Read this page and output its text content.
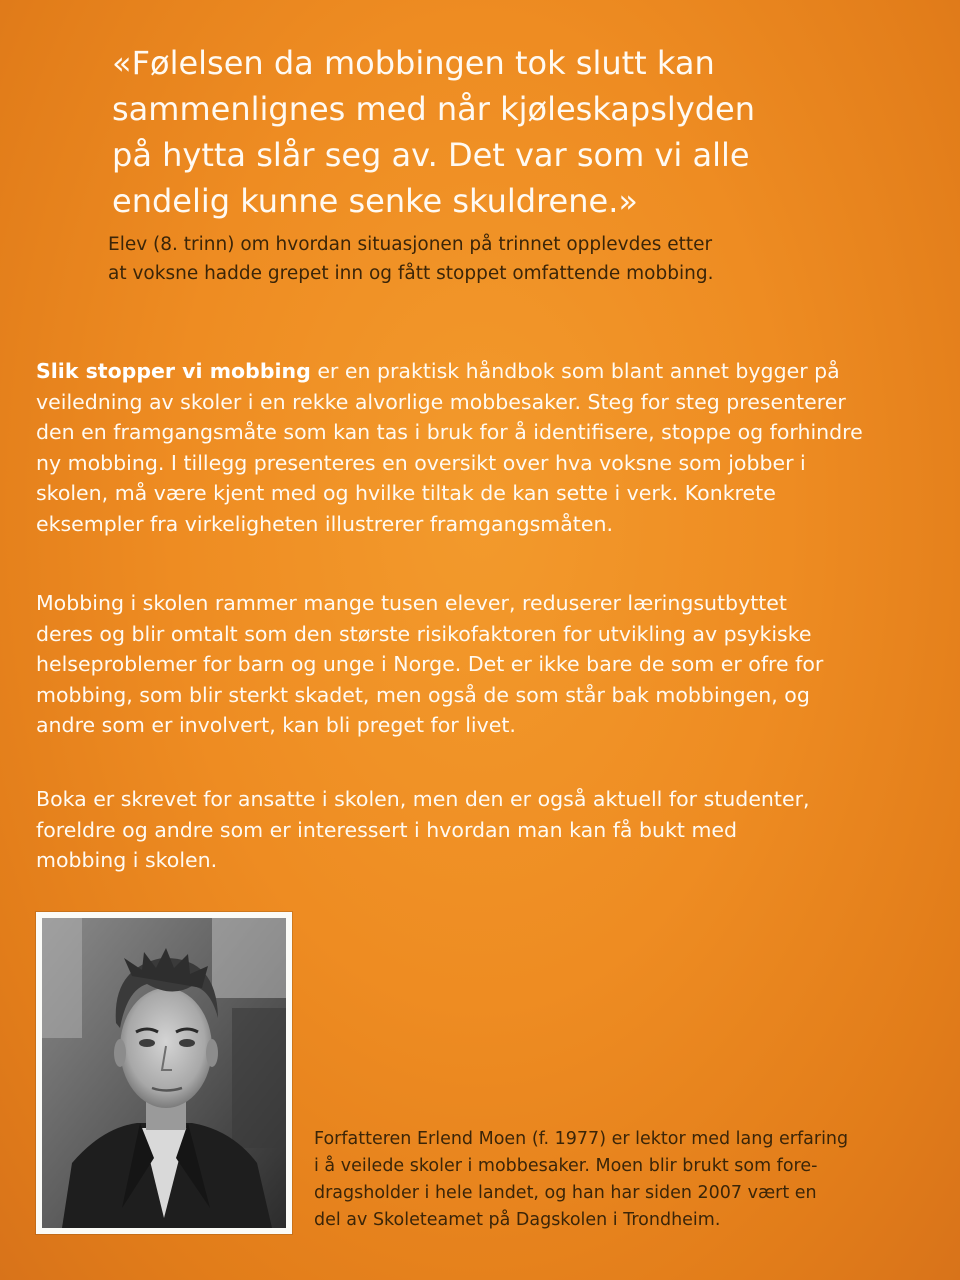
«Følelsen da mobbingen tok slutt kan
sammenlignes med når kjøleskapslyden
på hytta slår seg av. Det var som vi alle
endelig kunne senke skuldrene.»

Elev (8. trinn) om hvordan situasjonen på trinnet opplevdes etter
at voksne hadde grepet inn og fått stoppet omfattende mobbing.

Slik stopper vi mobbing er en praktisk håndbok som blant annet bygger på
veiledning av skoler i en rekke alvorlige mobbesaker. Steg for steg presenterer
den en framgangsmåte som kan tas i bruk for å identifisere, stoppe og forhindre
ny mobbing. I tillegg presenteres en oversikt over hva voksne som jobber i
skolen, må være kjent med og hvilke tiltak de kan sette i verk. Konkrete
eksempler fra virkeligheten illustrerer framgangsmåten.

Mobbing i skolen rammer mange tusen elever, reduserer læringsutbyttet
deres og blir omtalt som den største risikofaktoren for utvikling av psykiske
helseproblemer for barn og unge i Norge. Det er ikke bare de som er ofre for
mobbing, som blir sterkt skadet, men også de som står bak mobbingen, og
andre som er involvert, kan bli preget for livet.

Boka er skrevet for ansatte i skolen, men den er også aktuell for studenter,
foreldre og andre som er interessert i hvordan man kan få bukt med
mobbing i skolen.

Forfatteren Erlend Moen (f. 1977) er lektor med lang erfaring
i å veilede skoler i mobbesaker. Moen blir brukt som fore-
dragsholder i hele landet, og han har siden 2007 vært en
del av Skoleteamet på Dagskolen i Trondheim.
